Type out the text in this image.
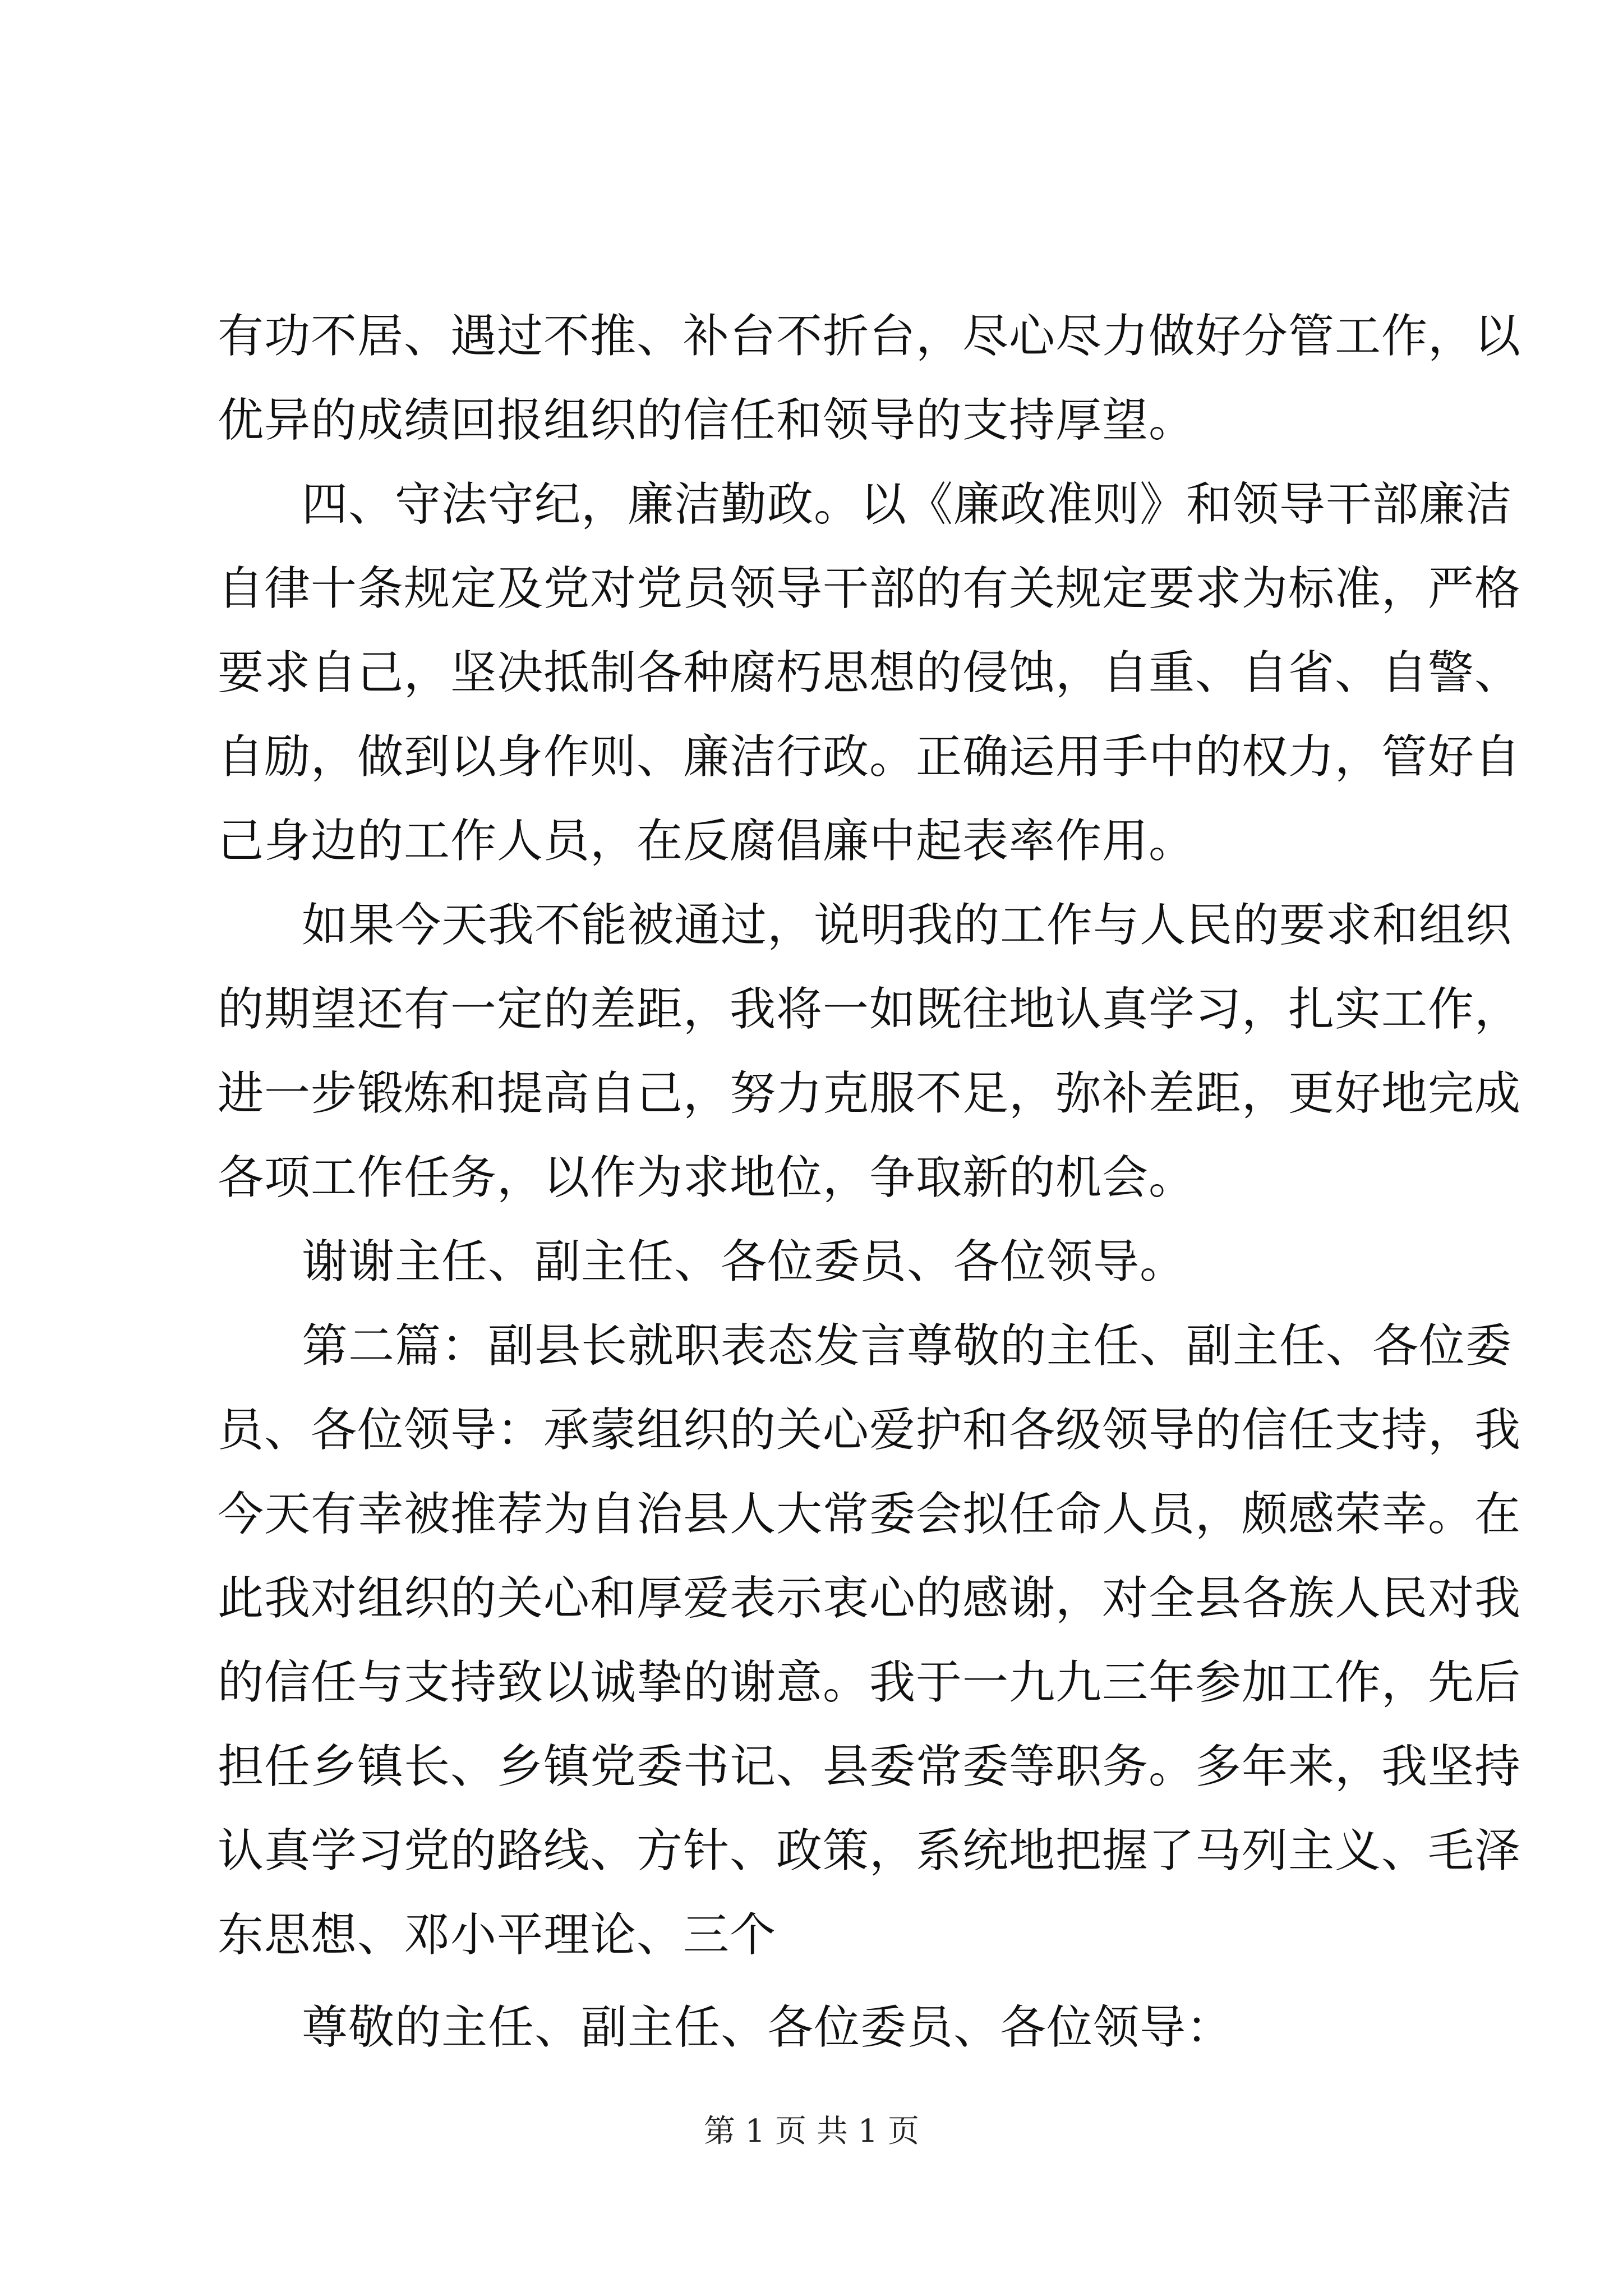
有功不居、遇过不推、补台不折台，尽心尽力做好分管工作，以
优异的成绩回报组织的信任和领导的支持厚望。
四、守法守纪，廉洁勤政。以《廉政准则》和领导干部廉洁
自律十条规定及党对党员领导干部的有关规定要求为标准，严格
要求自己，坚决抵制各种腐朽思想的侵蚀，自重、自省、自警、
自励，做到以身作则、廉洁行政。正确运用手中的权力，管好自
己身边的工作人员，在反腐倡廉中起表率作用。
如果今天我不能被通过，说明我的工作与人民的要求和组织
的期望还有一定的差距，我将一如既往地认真学习，扎实工作，
进一步锻炼和提高自己，努力克服不足，弥补差距，更好地完成
各项工作任务，以作为求地位，争取新的机会。
谢谢主任、副主任、各位委员、各位领导。
第二篇：副县长就职表态发言尊敬的主任、副主任、各位委
员、各位领导：承蒙组织的关心爱护和各级领导的信任支持，我
今天有幸被推荐为自治县人大常委会拟任命人员，颇感荣幸。在
此我对组织的关心和厚爱表示衷心的感谢，对全县各族人民对我
的信任与支持致以诚挚的谢意。我于一九九三年参加工作，先后
担任乡镇长、乡镇党委书记、县委常委等职务。多年来，我坚持
认真学习党的路线、方针、政策，系统地把握了马列主义、毛泽
东思想、邓小平理论、三个
尊敬的主任、副主任、各位委员、各位领导：
第 1 页 共 1 页
